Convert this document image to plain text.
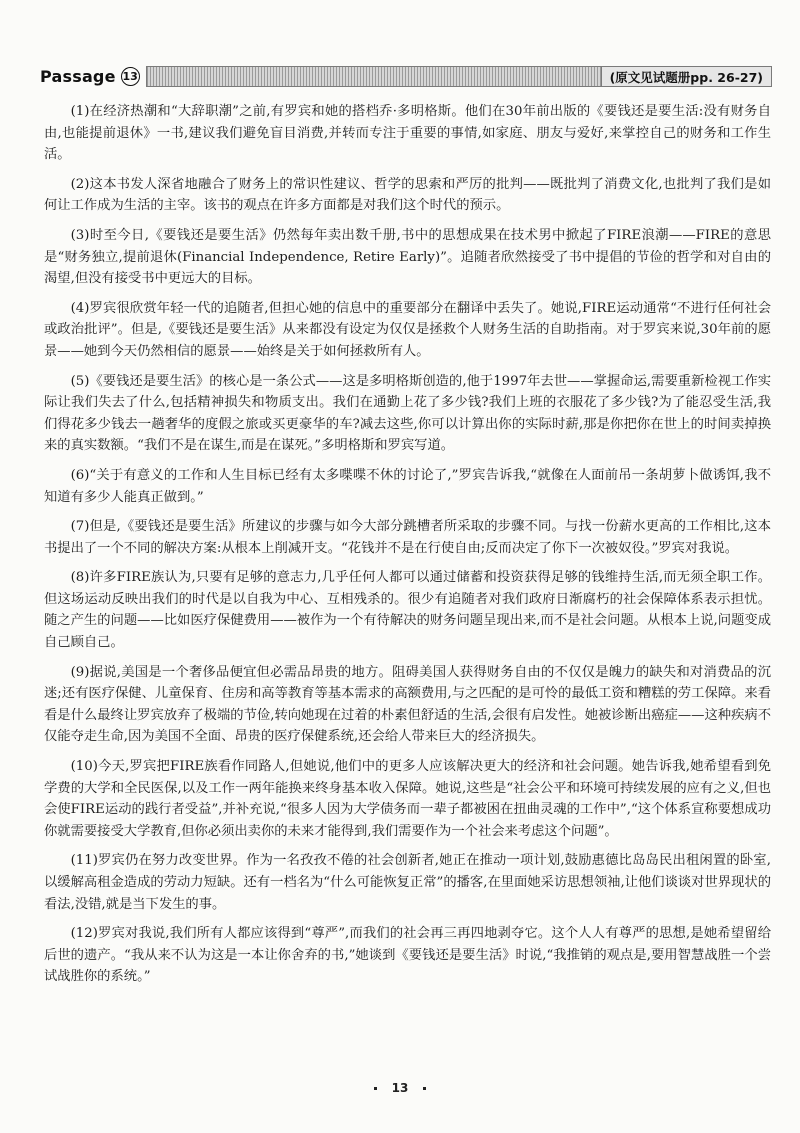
Passage 13	(原文见试题册pp. 26-27)

(1)在经济热潮和“大辞职潮”之前,有罗宾和她的搭档乔·多明格斯。他们在30年前出版的《要钱还是要生活:没有财务自由,也能提前退休》一书,建议我们避免盲目消费,并转而专注于重要的事情,如家庭、朋友与爱好,来掌控自己的财务和工作生活。

(2)这本书发人深省地融合了财务上的常识性建议、哲学的思索和严厉的批判——既批判了消费文化,也批判了我们是如何让工作成为生活的主宰。该书的观点在许多方面都是对我们这个时代的预示。

(3)时至今日,《要钱还是要生活》仍然每年卖出数千册,书中的思想成果在技术男中掀起了FIRE浪潮——FIRE的意思是“财务独立,提前退休(Financial Independence, Retire Early)”。追随者欣然接受了书中提倡的节俭的哲学和对自由的渴望,但没有接受书中更远大的目标。

(4)罗宾很欣赏年轻一代的追随者,但担心她的信息中的重要部分在翻译中丢失了。她说,FIRE运动通常“不进行任何社会或政治批评”。但是,《要钱还是要生活》从来都没有设定为仅仅是拯救个人财务生活的自助指南。对于罗宾来说,30年前的愿景——她到今天仍然相信的愿景——始终是关于如何拯救所有人。

(5)《要钱还是要生活》的核心是一条公式——这是多明格斯创造的,他于1997年去世——掌握命运,需要重新检视工作实际让我们失去了什么,包括精神损失和物质支出。我们在通勤上花了多少钱?我们上班的衣服花了多少钱?为了能忍受生活,我们得花多少钱去一趟奢华的度假之旅或买更豪华的车?减去这些,你可以计算出你的实际时薪,那是你把你在世上的时间卖掉换来的真实数额。“我们不是在谋生,而是在谋死。”多明格斯和罗宾写道。

(6)“关于有意义的工作和人生目标已经有太多喋喋不休的讨论了,”罗宾告诉我,“就像在人面前吊一条胡萝卜做诱饵,我不知道有多少人能真正做到。”

(7)但是,《要钱还是要生活》所建议的步骤与如今大部分跳槽者所采取的步骤不同。与找一份薪水更高的工作相比,这本书提出了一个不同的解决方案:从根本上削减开支。“花钱并不是在行使自由;反而决定了你下一次被奴役。”罗宾对我说。

(8)许多FIRE族认为,只要有足够的意志力,几乎任何人都可以通过储蓄和投资获得足够的钱维持生活,而无须全职工作。但这场运动反映出我们的时代是以自我为中心、互相残杀的。很少有追随者对我们政府日渐腐朽的社会保障体系表示担忧。随之产生的问题——比如医疗保健费用——被作为一个有待解决的财务问题呈现出来,而不是社会问题。从根本上说,问题变成自己顾自己。

(9)据说,美国是一个奢侈品便宜但必需品昂贵的地方。阻碍美国人获得财务自由的不仅仅是魄力的缺失和对消费品的沉迷;还有医疗保健、儿童保育、住房和高等教育等基本需求的高额费用,与之匹配的是可怜的最低工资和糟糕的劳工保障。来看看是什么最终让罗宾放弃了极端的节俭,转向她现在过着的朴素但舒适的生活,会很有启发性。她被诊断出癌症——这种疾病不仅能夺走生命,因为美国不全面、昂贵的医疗保健系统,还会给人带来巨大的经济损失。

(10)今天,罗宾把FIRE族看作同路人,但她说,他们中的更多人应该解决更大的经济和社会问题。她告诉我,她希望看到免学费的大学和全民医保,以及工作一两年能换来终身基本收入保障。她说,这些是“社会公平和环境可持续发展的应有之义,但也会使FIRE运动的践行者受益”,并补充说,“很多人因为大学债务而一辈子都被困在扭曲灵魂的工作中”,“这个体系宣称要想成功你就需要接受大学教育,但你必须出卖你的未来才能得到,我们需要作为一个社会来考虑这个问题”。

(11)罗宾仍在努力改变世界。作为一名孜孜不倦的社会创新者,她正在推动一项计划,鼓励惠德比岛岛民出租闲置的卧室,以缓解高租金造成的劳动力短缺。还有一档名为“什么可能恢复正常”的播客,在里面她采访思想领袖,让他们谈谈对世界现状的看法,没错,就是当下发生的事。

(12)罗宾对我说,我们所有人都应该得到“尊严”,而我们的社会再三再四地剥夺它。这个人人有尊严的思想,是她希望留给后世的遗产。“我从来不认为这是一本让你舍弃的书,”她谈到《要钱还是要生活》时说,“我推销的观点是,要用智慧战胜一个尝试战胜你的系统。”

13
